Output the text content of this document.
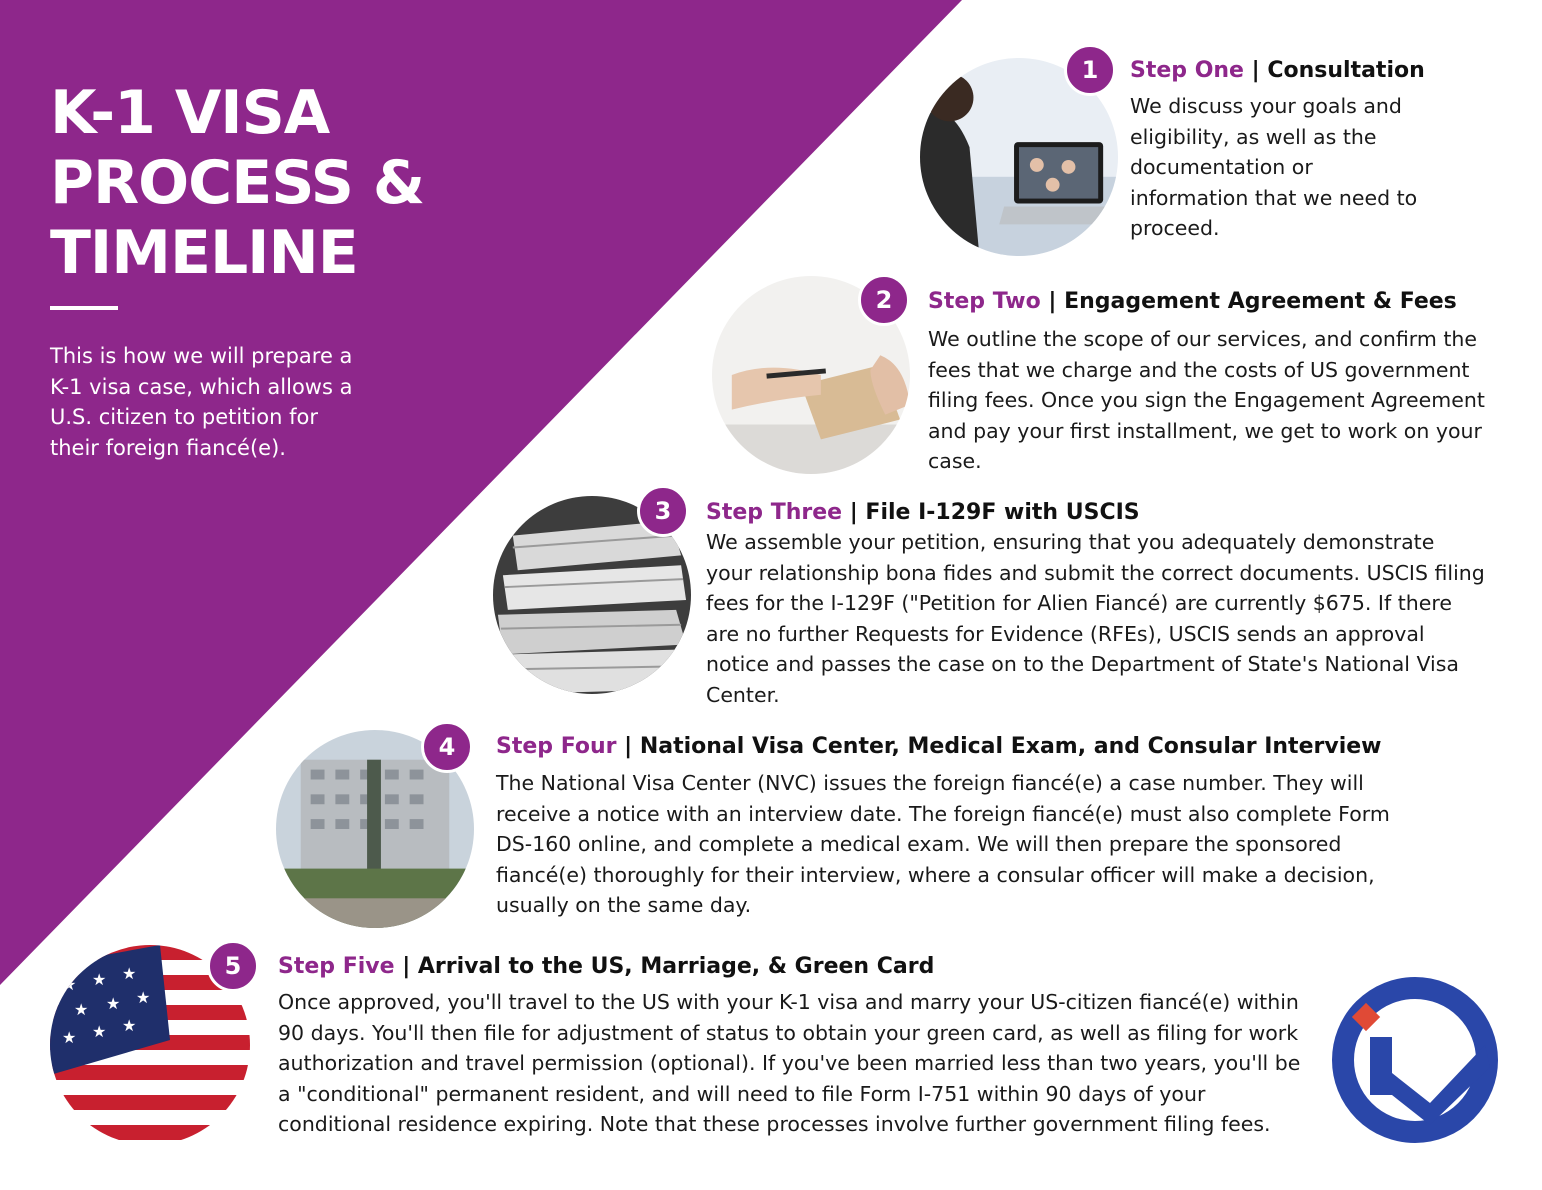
K-1 VISA
PROCESS &
TIMELINE

This is how we will prepare a K-1 visa case, which allows a U.S. citizen to petition for their foreign fiancé(e).

1	Step One | Consultation

We discuss your goals and eligibility, as well as the documentation or information that we need to proceed.

2	Step Two | Engagement Agreement & Fees

We outline the scope of our services, and confirm the fees that we charge and the costs of US government filing fees. Once you sign the Engagement Agreement and pay your first installment, we get to work on your case.

3	Step Three | File I-129F with USCIS

We assemble your petition, ensuring that you adequately demonstrate your relationship bona fides and submit the correct documents. USCIS filing fees for the I-129F ("Petition for Alien Fiancé) are currently $675. If there are no further Requests for Evidence (RFEs), USCIS sends an approval notice and passes the case on to the Department of State's National Visa Center.

4	Step Four | National Visa Center, Medical Exam, and Consular Interview

The National Visa Center (NVC) issues the foreign fiancé(e) a case number. They will receive a notice with an interview date. The foreign fiancé(e) must also complete Form DS-160 online, and complete a medical exam. We will then prepare the sponsored fiancé(e) thoroughly for their interview, where a consular officer will make a decision, usually on the same day.

★ ★ ★
★ ★ ★
★ ★ ★
5	Step Five | Arrival to the US, Marriage, & Green Card

Once approved, you'll travel to the US with your K-1 visa and marry your US-citizen fiancé(e) within 90 days. You'll then file for adjustment of status to obtain your green card, as well as filing for work authorization and travel permission (optional). If you've been married less than two years, you'll be a "conditional" permanent resident, and will need to file Form I-751 within 90 days of your conditional residence expiring. Note that these processes involve further government filing fees.
